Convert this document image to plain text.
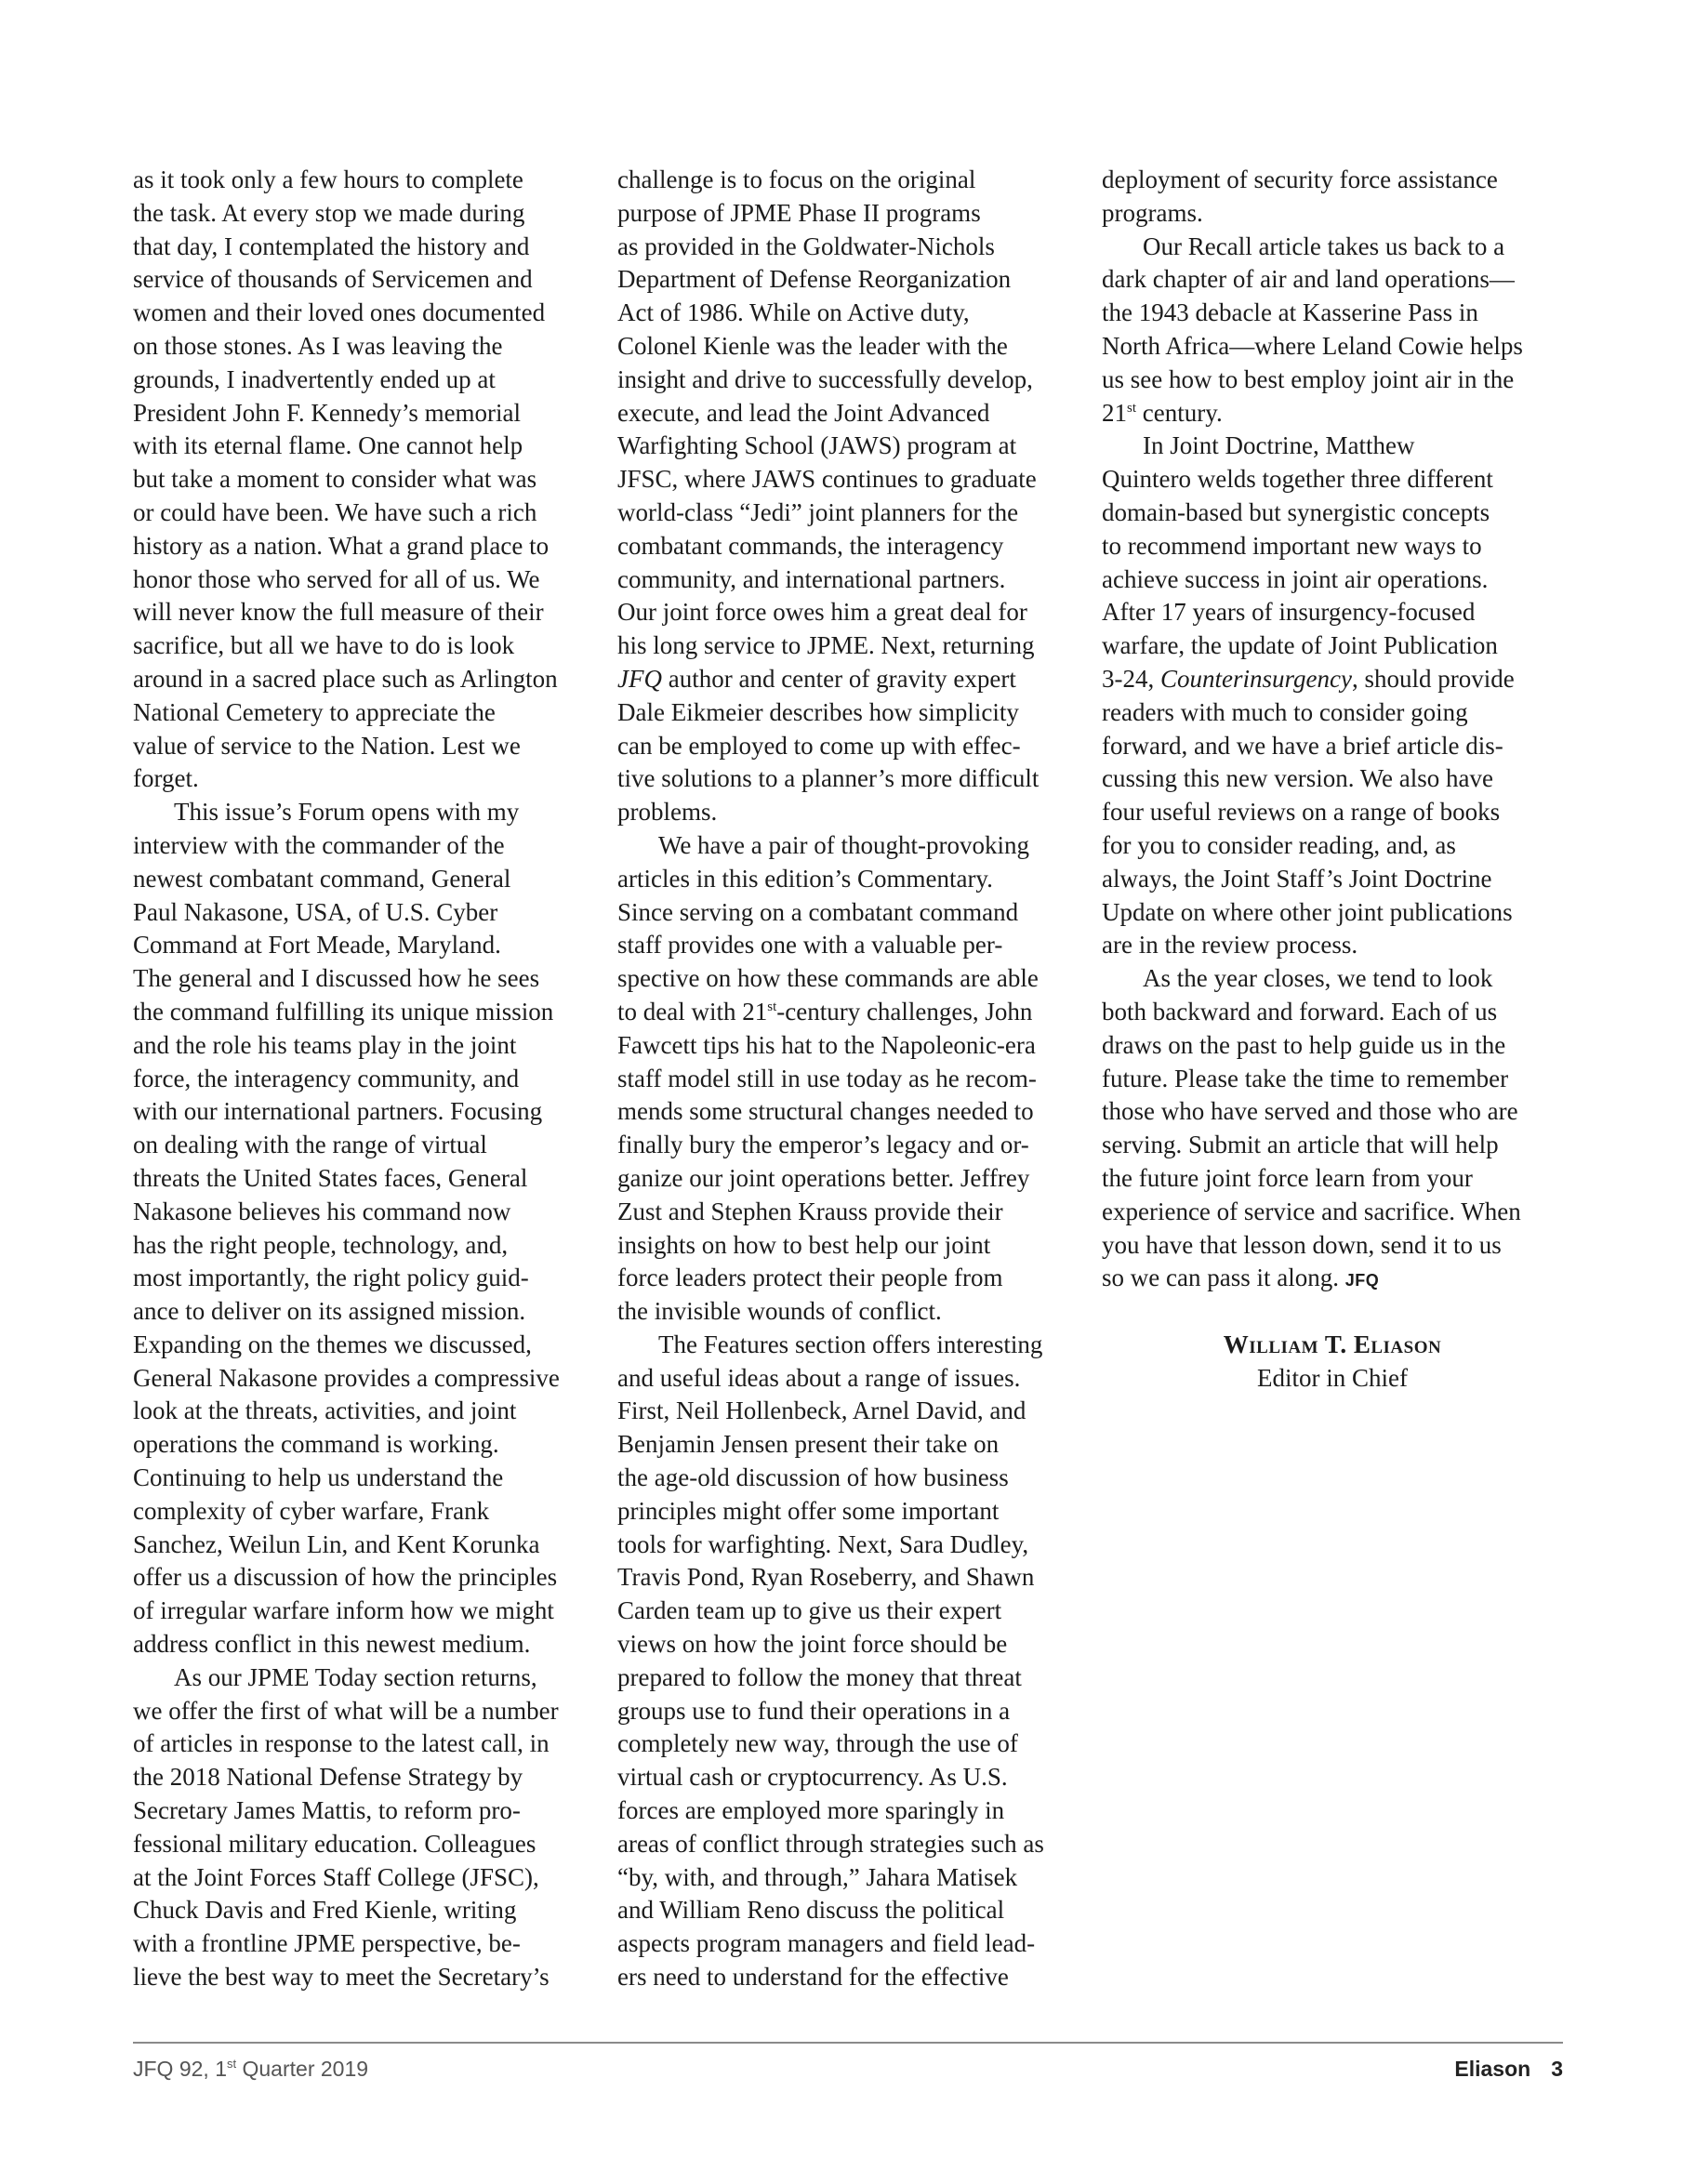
as it took only a few hours to complete
the task. At every stop we made during
that day, I contemplated the history and
service of thousands of Servicemen and
women and their loved ones documented
on those stones. As I was leaving the
grounds, I inadvertently ended up at
President John F. Kennedy’s memorial
with its eternal flame. One cannot help
but take a moment to consider what was
or could have been. We have such a rich
history as a nation. What a grand place to
honor those who served for all of us. We
will never know the full measure of their
sacrifice, but all we have to do is look
around in a sacred place such as Arlington
National Cemetery to appreciate the
value of service to the Nation. Lest we
forget.
This issue’s Forum opens with my
interview with the commander of the
newest combatant command, General
Paul Nakasone, USA, of U.S. Cyber
Command at Fort Meade, Maryland.
The general and I discussed how he sees
the command fulfilling its unique mission
and the role his teams play in the joint
force, the interagency community, and
with our international partners. Focusing
on dealing with the range of virtual
threats the United States faces, General
Nakasone believes his command now
has the right people, technology, and,
most importantly, the right policy guid-
ance to deliver on its assigned mission.
Expanding on the themes we discussed,
General Nakasone provides a compressive
look at the threats, activities, and joint
operations the command is working.
Continuing to help us understand the
complexity of cyber warfare, Frank
Sanchez, Weilun Lin, and Kent Korunka
offer us a discussion of how the principles
of irregular warfare inform how we might
address conflict in this newest medium.
As our JPME Today section returns,
we offer the first of what will be a number
of articles in response to the latest call, in
the 2018 National Defense Strategy by
Secretary James Mattis, to reform pro-
fessional military education. Colleagues
at the Joint Forces Staff College (JFSC),
Chuck Davis and Fred Kienle, writing
with a frontline JPME perspective, be-
lieve the best way to meet the Secretary’s
challenge is to focus on the original
purpose of JPME Phase II programs
as provided in the Goldwater-Nichols
Department of Defense Reorganization
Act of 1986. While on Active duty,
Colonel Kienle was the leader with the
insight and drive to successfully develop,
execute, and lead the Joint Advanced
Warfighting School (JAWS) program at
JFSC, where JAWS continues to graduate
world-class “Jedi” joint planners for the
combatant commands, the interagency
community, and international partners.
Our joint force owes him a great deal for
his long service to JPME. Next, returning
JFQ author and center of gravity expert
Dale Eikmeier describes how simplicity
can be employed to come up with effec-
tive solutions to a planner’s more difficult
problems.
We have a pair of thought-provoking
articles in this edition’s Commentary.
Since serving on a combatant command
staff provides one with a valuable per-
spective on how these commands are able
to deal with 21st-century challenges, John
Fawcett tips his hat to the Napoleonic-era
staff model still in use today as he recom-
mends some structural changes needed to
finally bury the emperor’s legacy and or-
ganize our joint operations better. Jeffrey
Zust and Stephen Krauss provide their
insights on how to best help our joint
force leaders protect their people from
the invisible wounds of conflict.
The Features section offers interesting
and useful ideas about a range of issues.
First, Neil Hollenbeck, Arnel David, and
Benjamin Jensen present their take on
the age-old discussion of how business
principles might offer some important
tools for warfighting. Next, Sara Dudley,
Travis Pond, Ryan Roseberry, and Shawn
Carden team up to give us their expert
views on how the joint force should be
prepared to follow the money that threat
groups use to fund their operations in a
completely new way, through the use of
virtual cash or cryptocurrency. As U.S.
forces are employed more sparingly in
areas of conflict through strategies such as
“by, with, and through,” Jahara Matisek
and William Reno discuss the political
aspects program managers and field lead-
ers need to understand for the effective
deployment of security force assistance
programs.
Our Recall article takes us back to a
dark chapter of air and land operations—
the 1943 debacle at Kasserine Pass in
North Africa—where Leland Cowie helps
us see how to best employ joint air in the
21st century.
In Joint Doctrine, Matthew
Quintero welds together three different
domain-based but synergistic concepts
to recommend important new ways to
achieve success in joint air operations.
After 17 years of insurgency-focused
warfare, the update of Joint Publication
3-24, Counterinsurgency, should provide
readers with much to consider going
forward, and we have a brief article dis-
cussing this new version. We also have
four useful reviews on a range of books
for you to consider reading, and, as
always, the Joint Staff’s Joint Doctrine
Update on where other joint publications
are in the review process.
As the year closes, we tend to look
both backward and forward. Each of us
draws on the past to help guide us in the
future. Please take the time to remember
those who have served and those who are
serving. Submit an article that will help
the future joint force learn from your
experience of service and sacrifice. When
you have that lesson down, send it to us
so we can pass it along. JFQ
William T. Eliason
Editor in Chief
JFQ 92, 1st Quarter 2019	Eliason 3
